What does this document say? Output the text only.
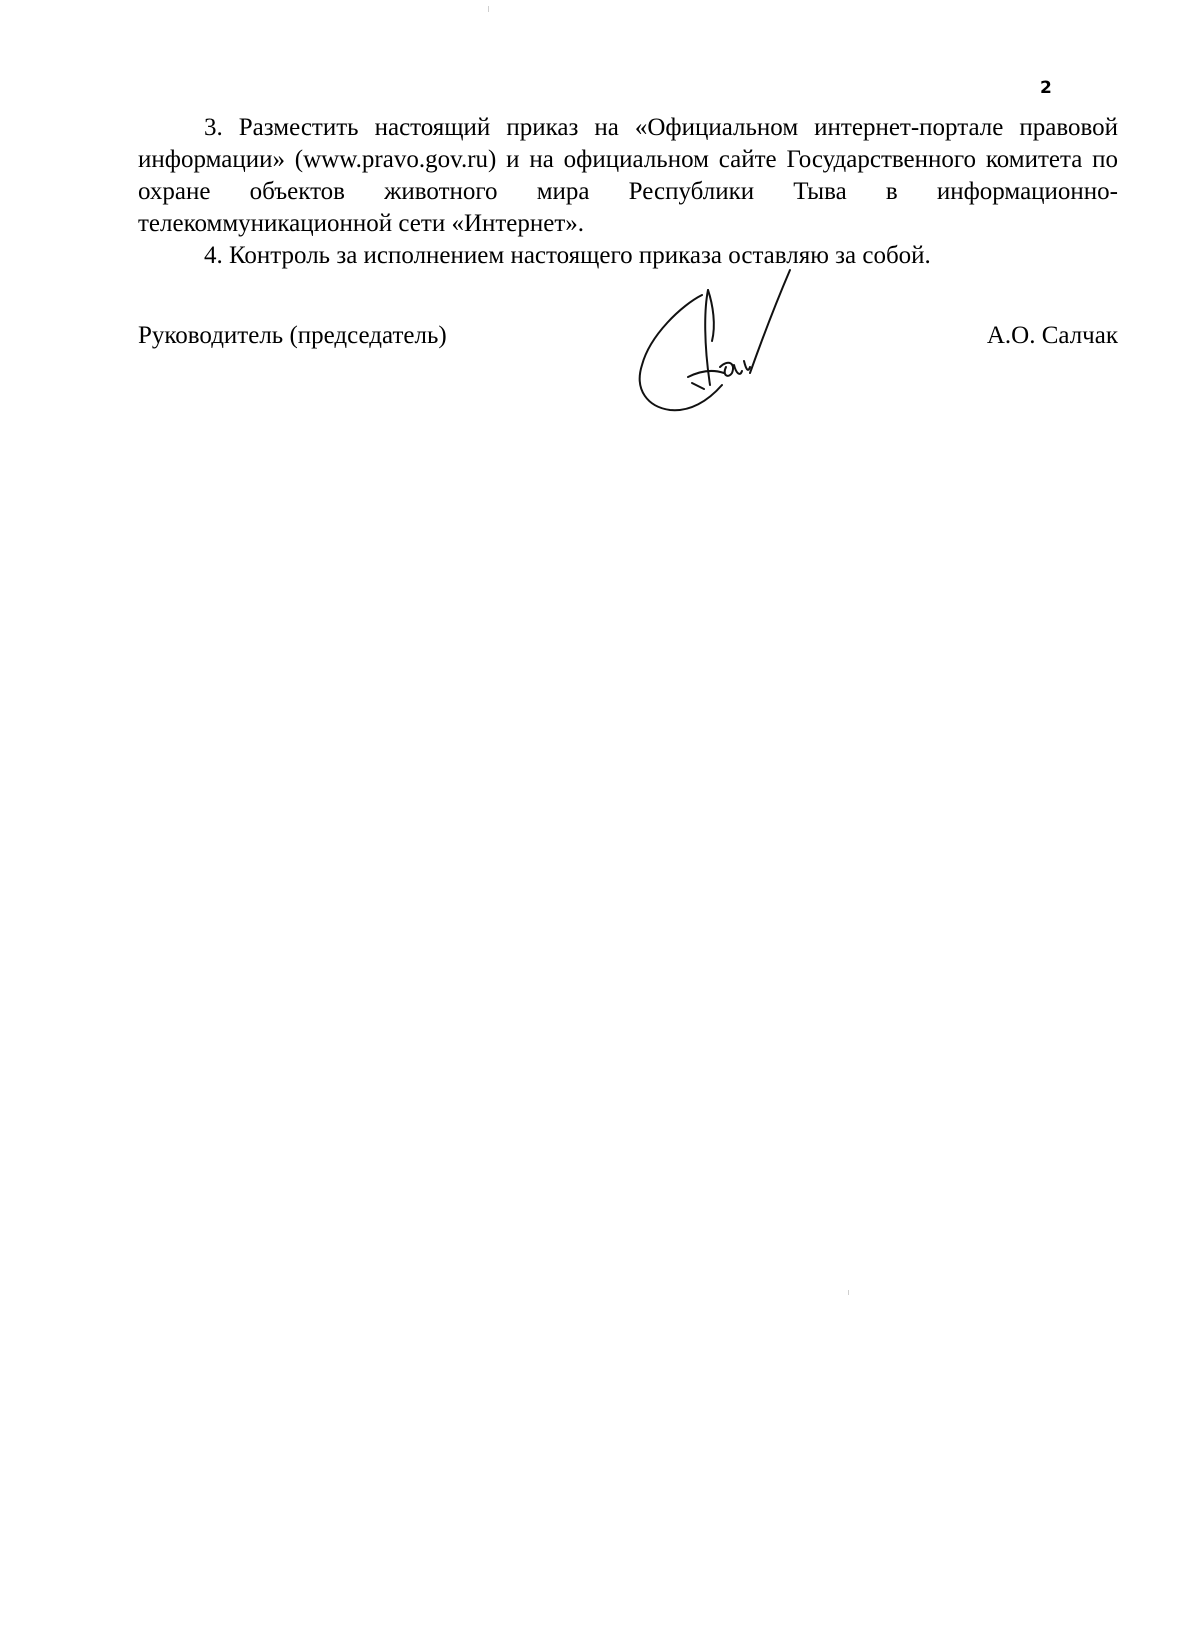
2

3. Разместить настоящий приказ на «Официальном интернет-портале правовой информации» (www.pravo.gov.ru) и на официальном сайте Государственного комитета по охране объектов животного мира Республики Тыва в информационно-телекоммуникационной сети «Интернет».

4. Контроль за исполнением настоящего приказа оставляю за собой.

Руководитель (председатель)	А.О. Салчак
